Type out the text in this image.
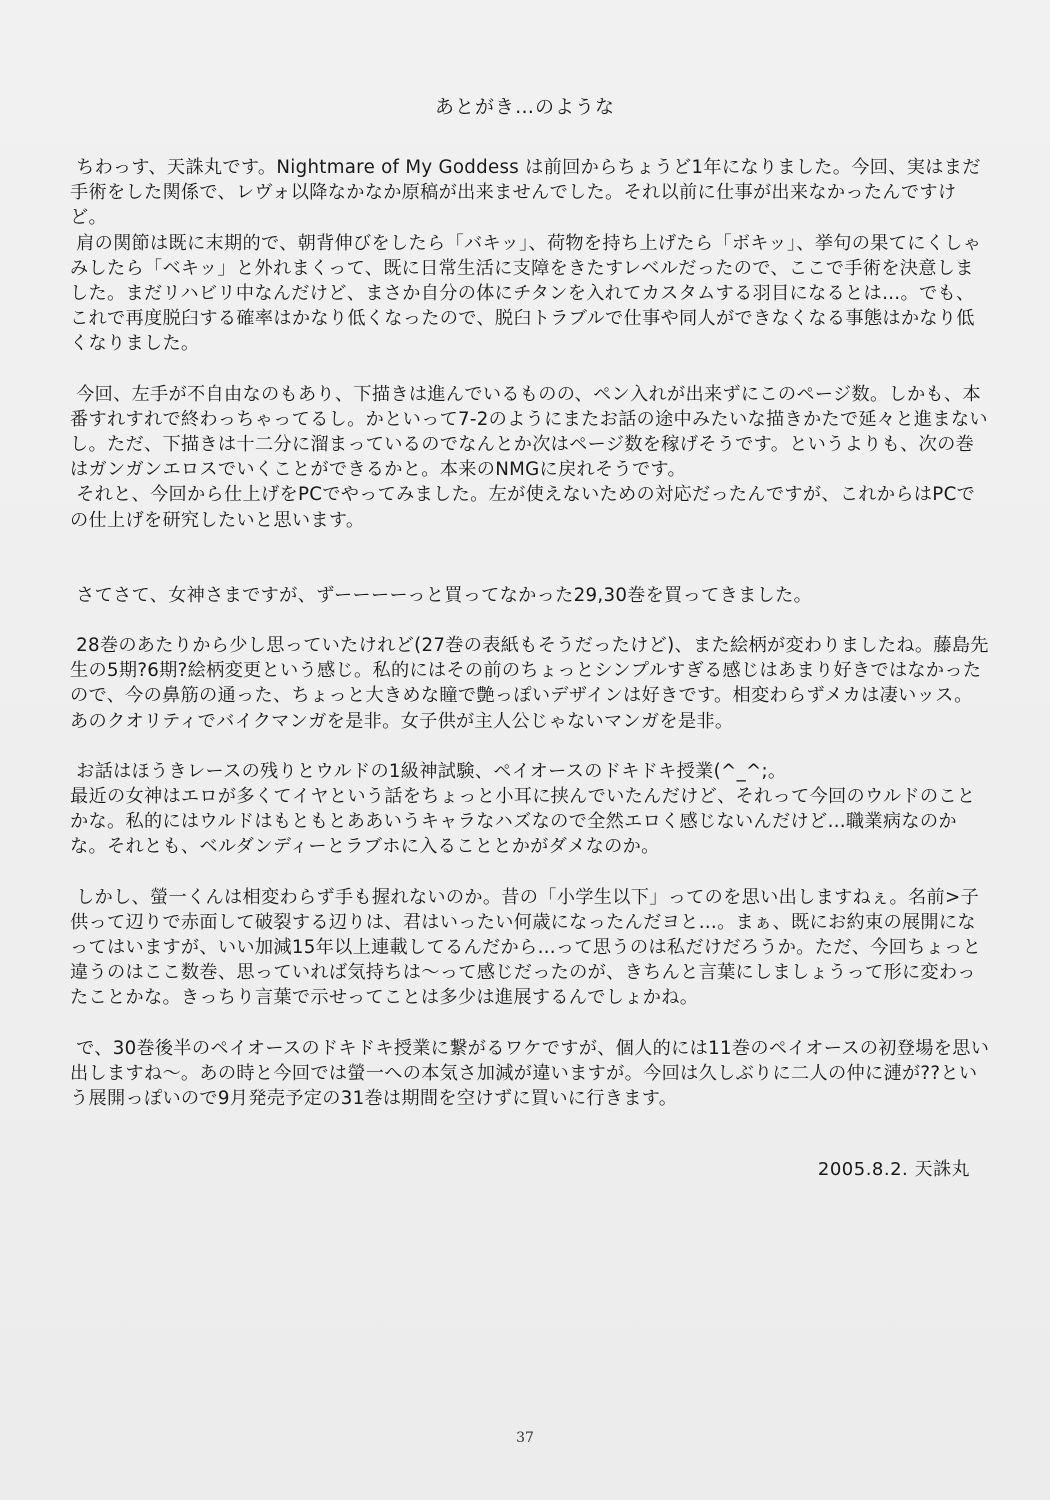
あとがき…のような

ちわっす、天誅丸です。Nightmare of My Goddess は前回からちょうど1年になりました。今回、実はまだ手術をした関係で、レヴォ以降なかなか原稿が出来ませんでした。それ以前に仕事が出来なかったんですけど。
肩の関節は既に末期的で、朝背伸びをしたら「バキッ」、荷物を持ち上げたら「ボキッ」、挙句の果てにくしゃみしたら「ベキッ」と外れまくって、既に日常生活に支障をきたすレベルだったので、ここで手術を決意しました。まだリハビリ中なんだけど、まさか自分の体にチタンを入れてカスタムする羽目になるとは…。でも、これで再度脱臼する確率はかなり低くなったので、脱臼トラブルで仕事や同人ができなくなる事態はかなり低くなりました。

今回、左手が不自由なのもあり、下描きは進んでいるものの、ペン入れが出来ずにこのページ数。しかも、本番すれすれで終わっちゃってるし。かといって7-2のようにまたお話の途中みたいな描きかたで延々と進まないし。ただ、下描きは十二分に溜まっているのでなんとか次はページ数を稼げそうです。というよりも、次の巻はガンガンエロスでいくことができるかと。本来のNMGに戻れそうです。
それと、今回から仕上げをPCでやってみました。左が使えないための対応だったんですが、これからはPCでの仕上げを研究したいと思います。

さてさて、女神さまですが、ずーーーーっと買ってなかった29,30巻を買ってきました。

28巻のあたりから少し思っていたけれど(27巻の表紙もそうだったけど)、また絵柄が変わりましたね。藤島先生の5期?6期?絵柄変更という感じ。私的にはその前のちょっとシンプルすぎる感じはあまり好きではなかったので、今の鼻筋の通った、ちょっと大きめな瞳で艶っぽいデザインは好きです。相変わらずメカは凄いッス。あのクオリティでバイクマンガを是非。女子供が主人公じゃないマンガを是非。

お話はほうきレースの残りとウルドの1級神試験、ペイオースのドキドキ授業(^_^;。
最近の女神はエロが多くてイヤという話をちょっと小耳に挟んでいたんだけど、それって今回のウルドのことかな。私的にはウルドはもともとああいうキャラなハズなので全然エロく感じないんだけど…職業病なのかな。それとも、ベルダンディーとラブホに入ることとかがダメなのか。

しかし、螢一くんは相変わらず手も握れないのか。昔の「小学生以下」ってのを思い出しますねぇ。名前>子供って辺りで赤面して破裂する辺りは、君はいったい何歳になったんだヨと…。まぁ、既にお約束の展開になってはいますが、いい加減15年以上連載してるんだから…って思うのは私だけだろうか。ただ、今回ちょっと違うのはここ数巻、思っていれば気持ちは～って感じだったのが、きちんと言葉にしましょうって形に変わったことかな。きっちり言葉で示せってことは多少は進展するんでしょかね。

で、30巻後半のペイオースのドキドキ授業に繋がるワケですが、個人的には11巻のペイオースの初登場を思い出しますね～。あの時と今回では螢一への本気さ加減が違いますが。今回は久しぶりに二人の仲に漣が??という展開っぽいので9月発売予定の31巻は期間を空けずに買いに行きます。

2005.8.2. 天誅丸
37
